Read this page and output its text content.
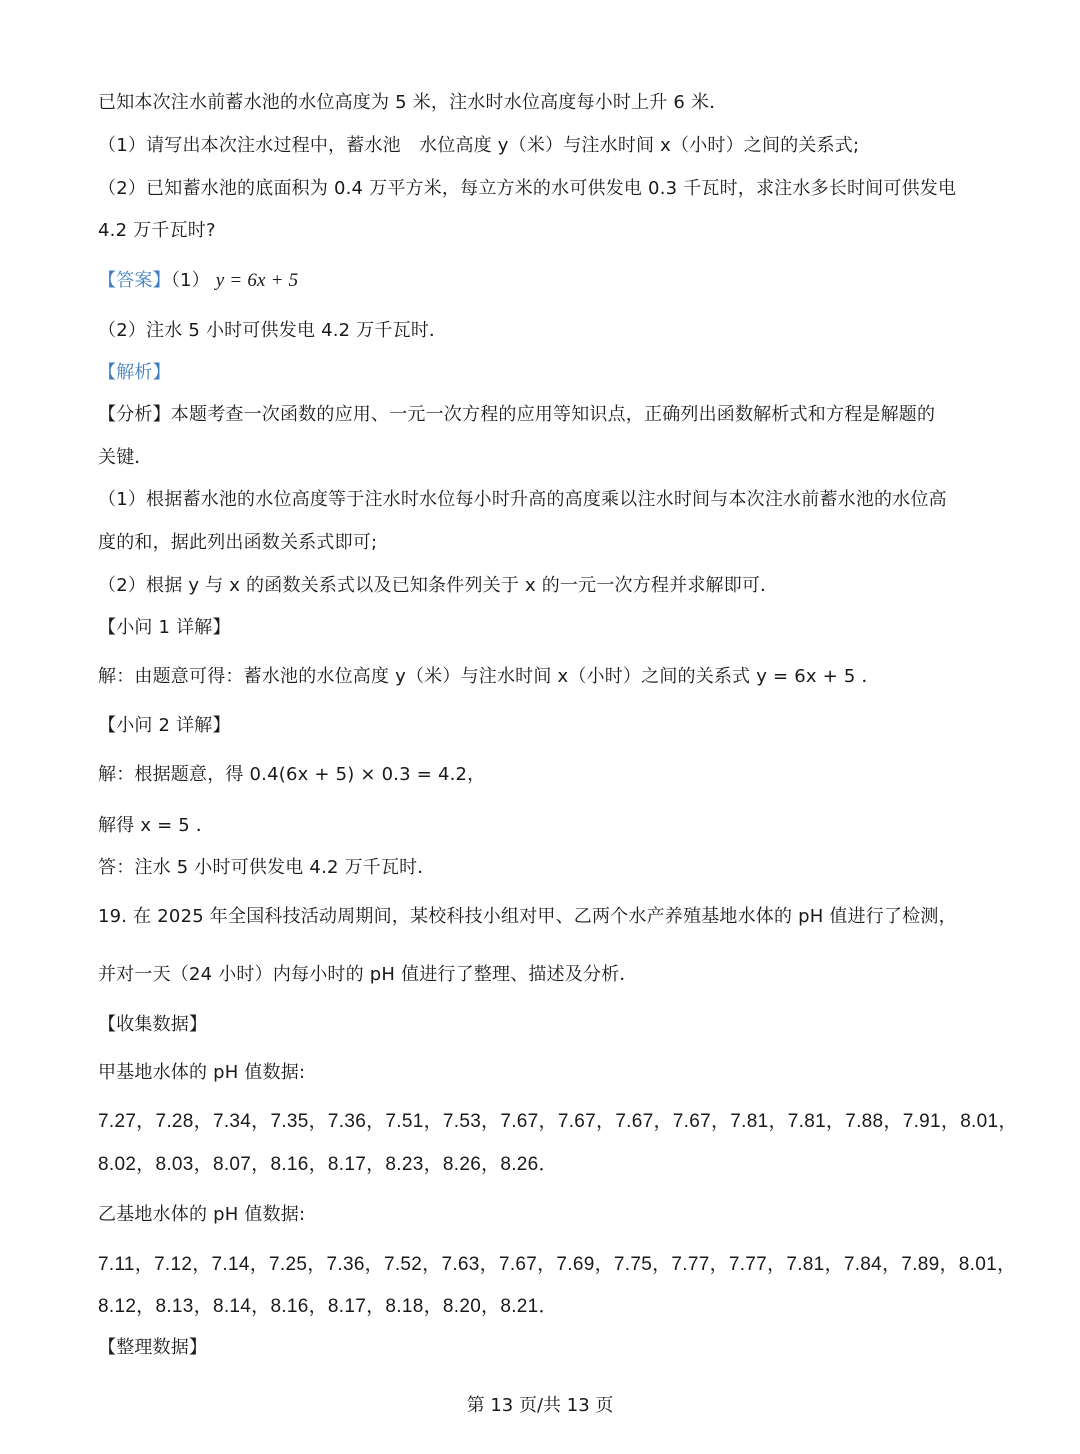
已知本次注水前蓄水池的水位高度为 5 米，注水时水位高度每小时上升 6 米．
（1）请写出本次注水过程中，蓄水池　水位高度 y（米）与注水时间 x（小时）之间的关系式;
（2）已知蓄水池的底面积为 0.4 万平方米，每立方米的水可供发电 0.3 千瓦时，求注水多长时间可供发电
4.2 万千瓦时?
【答案】（1） y = 6x + 5
（2）注水 5 小时可供发电 4.2 万千瓦时．
【解析】
【分析】本题考查一次函数的应用、一元一次方程的应用等知识点，正确列出函数解析式和方程是解题的
关键．
（1）根据蓄水池的水位高度等于注水时水位每小时升高的高度乘以注水时间与本次注水前蓄水池的水位高
度的和，据此列出函数关系式即可;
（2）根据 y 与 x 的函数关系式以及已知条件列关于 x 的一元一次方程并求解即可．
【小问 1 详解】
解：由题意可得：蓄水池的水位高度 y（米）与注水时间 x（小时）之间的关系式 y = 6x + 5 ．
【小问 2 详解】
解：根据题意，得 0.4(6x + 5) × 0.3 = 4.2，
解得 x = 5 ．
答：注水 5 小时可供发电 4.2 万千瓦时．
19. 在 2025 年全国科技活动周期间，某校科技小组对甲、乙两个水产养殖基地水体的 pH 值进行了检测，
并对一天（24 小时）内每小时的 pH 值进行了整理、描述及分析．
【收集数据】
甲基地水体的 pH 值数据:
7.27，7.28，7.34，7.35，7.36，7.51，7.53，7.67，7.67，7.67，7.67，7.81，7.81，7.88，7.91，8.01，
8.02，8.03，8.07，8.16，8.17，8.23，8.26，8.26．
乙基地水体的 pH 值数据:
7.11，7.12，7.14，7.25，7.36，7.52，7.63，7.67，7.69，7.75，7.77，7.77，7.81，7.84，7.89，8.01，
8.12，8.13，8.14，8.16，8.17，8.18，8.20，8.21．
【整理数据】
第 13 页/共 13 页
